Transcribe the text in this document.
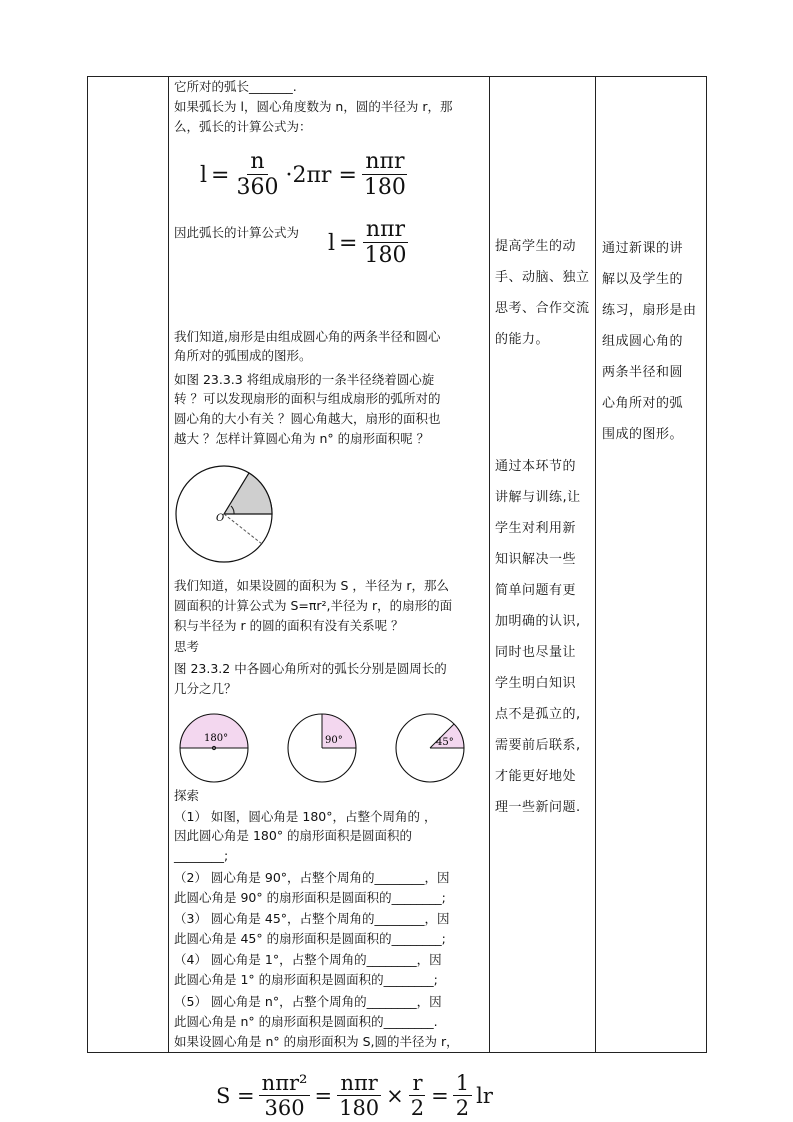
它所对的弧长_______.
如果弧长为 l，圆心角度数为 n，圆的半径为 r，那
么，弧长的计算公式为：
$l = \frac{n}{360} \cdot 2\pi r = \frac{\text{nπr}}{180}$
因此弧长的计算公式为 $l = \frac{\text{nπr}}{180}$
我们知道,扇形是由组成圆心角的两条半径和圆心
角所对的弧围成的图形。
如图 23.3.3 将组成扇形的一条半径绕着圆心旋
转 ？可以发现扇形的面积与组成扇形的弧所对的
圆心角的大小有关 ？圆心角越大，扇形的面积也
越大 ？怎样计算圆心角为 n° 的扇形面积呢 ？
O
我们知道，如果设圆的面积为 S ，半径为 r，那么
圆面积的计算公式为 S=πr²,半径为 r，的扇形的面
积与半径为 r 的圆的面积有没有关系呢 ？
思考
图 23.3.2 中各圆心角所对的弧长分别是圆周长的
几分之几？
180°	90°	45°
探索
（1） 如图，圆心角是 180°，占整个周角的 ，
因此圆心角是 180° 的扇形面积是圆面积的
________;
（2） 圆心角是 90°，占整个周角的________，因
此圆心角是 90° 的扇形面积是圆面积的________;
（3） 圆心角是 45°，占整个周角的________，因
此圆心角是 45° 的扇形面积是圆面积的________;
（4） 圆心角是 1°，占整个周角的________，因
此圆心角是 1° 的扇形面积是圆面积的________;
（5） 圆心角是 n°，占整个周角的________，因
此圆心角是 n° 的扇形面积是圆面积的________.
如果设圆心角是 n° 的扇形面积为 S,圆的半径为 r，
提高学生的动
手、动脑、独立
思考、合作交流
的能力。
通过本环节的
讲解与训练,让
学生对利用新
知识解决一些
简单问题有更
加明确的认识,
同时也尽量让
学生明白知识
点不是孤立的,
需要前后联系,
才能更好地处
理一些新问题.
通过新课的讲
解以及学生的
练习，扇形是由
组成圆心角的
两条半径和圆
心角所对的弧
围成的图形。
$S = \frac{\text{nπr²}}{360} = \frac{\text{nπr}}{180} \times \frac{r}{2} = \frac{1}{2}$ lr
